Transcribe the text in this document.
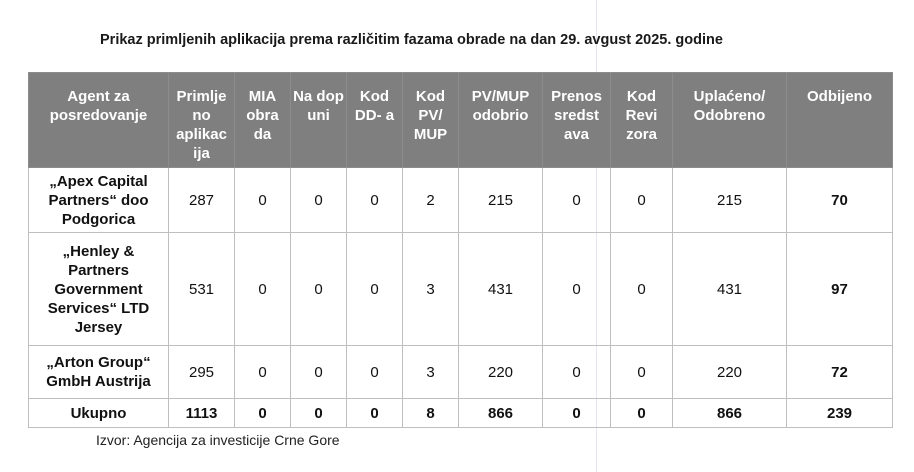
Prikaz primljenih aplikacija prema različitim fazama obrade na dan 29. avgust 2025. godine
Agent za posredovanje	Primlje no aplikac ija	MIA obra da	Na dop uni	Kod DD- a	Kod PV/ MUP	PV/MUP odobrio	Prenos sredst ava	Kod Revi zora	Uplaćeno/ Odobreno	Odbijeno
„Apex Capital Partners“ doo Podgorica	287	0	0	0	2	215	0	0	215	70
„Henley & Partners Government Services“ LTD Jersey	531	0	0	0	3	431	0	0	431	97
„Arton Group“ GmbH Austrija	295	0	0	0	3	220	0	0	220	72
Ukupno	1113	0	0	0	8	866	0	0	866	239
Izvor: Agencija za investicije Crne Gore
